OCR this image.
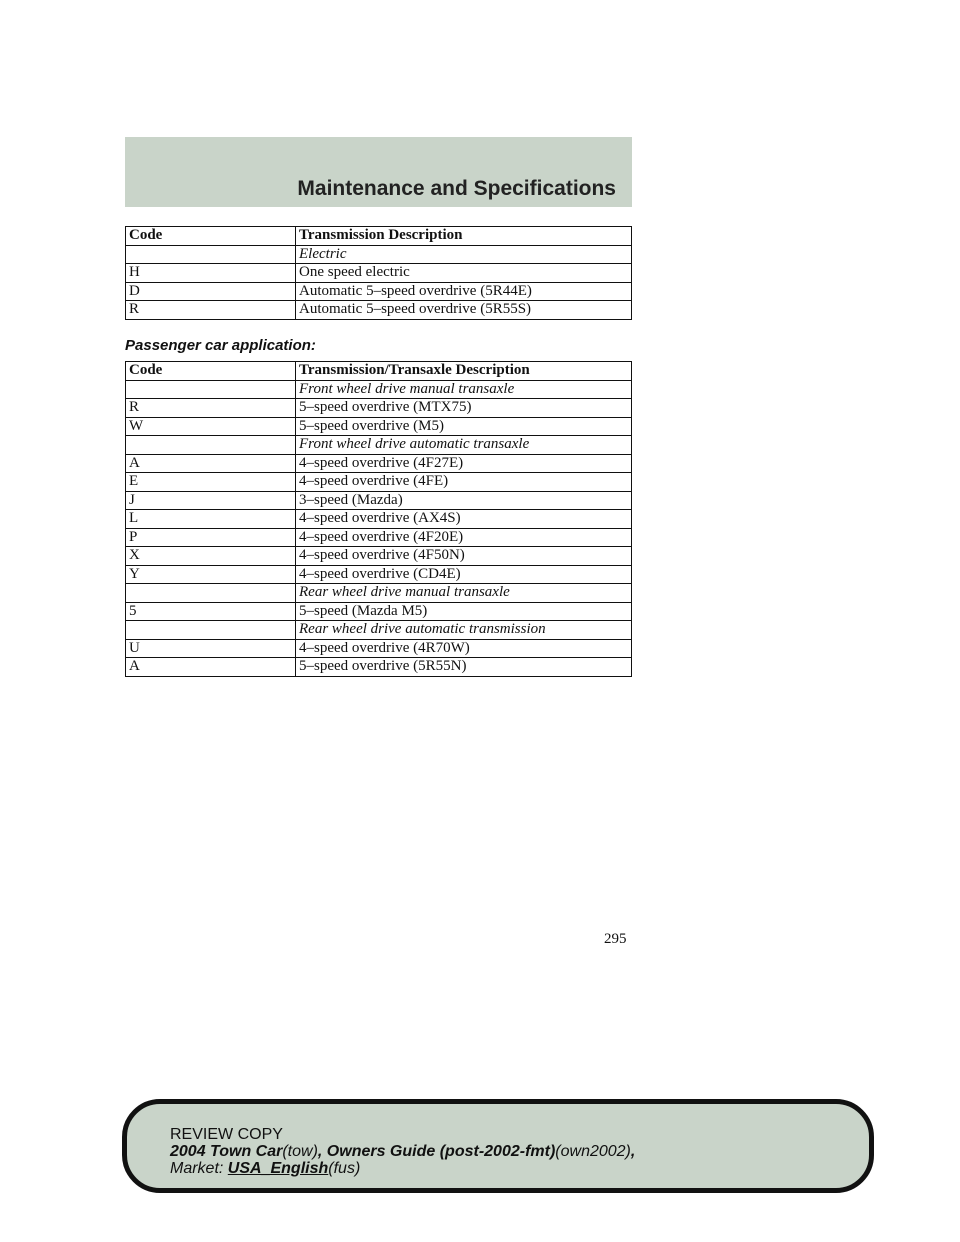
Maintenance and Specifications
Code	Transmission Description
	Electric
H	One speed electric
D	Automatic 5–speed overdrive (5R44E)
R	Automatic 5–speed overdrive (5R55S)
Passenger car application:
Code	Transmission/Transaxle Description
	Front wheel drive manual transaxle
R	5–speed overdrive (MTX75)
W	5–speed overdrive (M5)
	Front wheel drive automatic transaxle
A	4–speed overdrive (4F27E)
E	4–speed overdrive (4FE)
J	3–speed (Mazda)
L	4–speed overdrive (AX4S)
P	4–speed overdrive (4F20E)
X	4–speed overdrive (4F50N)
Y	4–speed overdrive (CD4E)
	Rear wheel drive manual transaxle
5	5–speed (Mazda M5)
	Rear wheel drive automatic transmission
U	4–speed overdrive (4R70W)
A	5–speed overdrive (5R55N)
295
REVIEW COPY
2004 Town Car(tow), Owners Guide (post-2002-fmt)(own2002),
Market: USA_English(fus)
